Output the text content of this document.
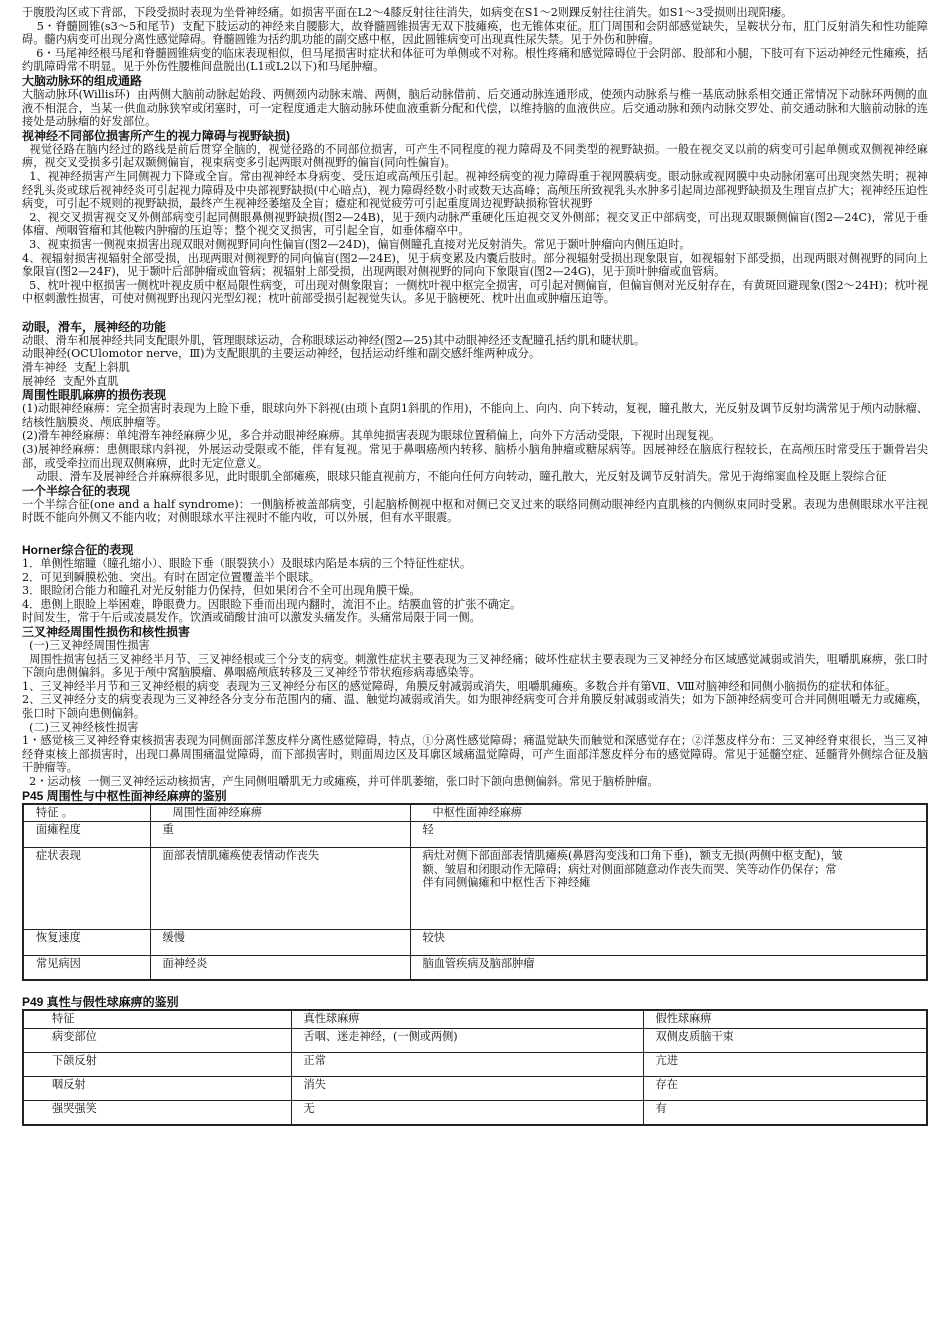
于腹股沟区或下背部，下段受损时表现为坐骨神经痛。如损害平面在L2～4膝反射往往消失，如病变在S1～2则踝反射往往消失。如S1～3受损则出现阳痿。

5・脊髓圆锥(s3～5和尾节)  支配下肢运动的神经来自腰膨大，故脊髓圆锥损害无双下肢瘫痪，也无锥体束征。肛门周围和会阴部感觉缺失，呈鞍状分布，肛门反射消失和性功能障碍。髓内病变可出现分离性感觉障碍。脊髓圆锥为括约肌功能的副交感中枢，因此圆锥病变可出现真性尿失禁。见于外伤和肿瘤。

6・马尾神经根马尾和脊髓圆锥病变的临床表现相似，但马尾损害时症状和体征可为单侧或不对称。根性疼痛和感觉障碍位于会阴部、股部和小腿，下肢可有下运动神经元性瘫痪，括约肌障碍常不明显。见于外伤性腰椎间盘脱出(L1或L2以下)和马尾肿瘤。

大脑动脉环的组成通路

大脑动脉环(Willis环)  由两侧大脑前动脉起始段、两侧颈内动脉末端、两侧，脑后动脉借前、后交通动脉连通形成，使颈内动脉系与椎一基底动脉系相交通正常情况下动脉环两侧的血液不相混合，当某一供血动脉狭窄或闭塞时，可一定程度通走大脑动脉环使血液重新分配和代偿，以维持脑的血液供应。后交通动脉和颈内动脉交罗处、前交通动脉和大脑前动脉的连接处是动脉瘤的好发部位。

视神经不同部位损害所产生的视力障碍与视野缺损)

视觉径路在脑内经过的路线是前后贯穿全脑的，视觉径路的不同部位损害，可产生不同程度的视力障碍及不同类型的视野缺损。一般在视交叉以前的病变可引起单侧或双侧视神经麻痹，视交叉受损多引起双颞侧偏盲，视束病变多引起两眼对侧视野的偏盲(同向性偏盲)。

1、视神经损害产生同侧视力下降或全盲。常由视神经本身病变、受压迫或高颅压引起。视神经病变的视力障碍重于视网膜病变。眼动脉或视网膜中央动脉闭塞可出现突然失明；视神经乳头炎或球后视神经炎可引起视力障碍及中央部视野缺损(中心暗点)，视力障碍经数小时或数天达高峰；高颅压所致视乳头水肿多引起周边部视野缺损及生理盲点扩大；视神经压迫性病变，可引起不规则的视野缺损，最终产生视神经萎缩及全盲；癔症和视觉疲劳可引起重度周边视野缺损称管状视野

2、视交叉损害视交叉外侧部病变引起同侧眼鼻侧视野缺损(图2—24B)，见于颈内动脉严重硬化压迫视交叉外侧部；视交叉正中部病变，可出现双眼颞侧偏盲(图2—24C)，常见于垂体瘤、颅咽管瘤和其他鞍内肿瘤的压迫等；整个视交叉损害，可引起全盲，如垂体瘤卒中。

3、视束损害一侧视束损害出现双眼对侧视野同向性偏盲(图2—24D)，偏盲侧瞳孔直接对光反射消失。常见于颞叶肿瘤向内侧压迫时。

4、视辐射损害视辐射全部受损，出现两眼对侧视野的同向偏盲(图2—24E)，见于病变累及内囊后肢时。部分视辐射受损出现象限盲，如视辐射下部受损，出现两眼对侧视野的同向上象限盲(图2—24F)，见于颞叶后部肿瘤或血管病；视辐射上部受损，出现两眼对侧视野的同向下象限盲(图2—24G)，见于顶叶肿瘤或血管病。

5、枕叶视中枢损害一侧枕叶视皮质中枢局限性病变，可出现对侧象限盲；一侧枕叶视中枢完全损害，可引起对侧偏盲，但偏盲侧对光反射存在，有黄斑回避现象(图2～24H)；枕叶视中枢刺激性损害，可使对侧视野出现闪光型幻视；枕叶前部受损引起视觉失认。多见于脑梗死、枕叶出血或肿瘤压迫等。

动眼，滑车，展神经的功能

动眼、滑车和展神经共同支配眼外肌，管理眼球运动，合称眼球运动神经(图2—25)其中动眼神经还支配瞳孔括约肌和睫状肌。

动眼神经(OCUlomotor nerve，Ⅲ)为支配眼肌的主要运动神经，包括运动纤维和副交感纤维两种成分。

滑车神经  支配上斜肌

展神经  支配外直肌

周围性眼肌麻痹的损伤表现

(1)动眼神经麻痹：完全损害时表现为上睑下垂，眼球向外下斜视(由琐卜直阴1斜肌的作用)，不能向上、向内、向下转动，复视，瞳孔散大，光反射及调节反射均满常见于颅内动脉瘤、结核性脑膜炎、颅底肿瘤等。

(2)滑车神经麻痹：单纯滑车神经麻痹少见，多合并动眼神经麻痹。其单纯损害表现为眼球位置稍偏上，向外下方活动受限，下视时出现复视。

(3)展神经麻痹：患侧眼球内斜视，外展运动受限或不能，伴有复视。常见于鼻咽癌颅内转移、脑桥小脑角肿瘤或糖尿病等。因展神经在脑底行程较长，在高颅压时常受压于颞骨岩尖部，或受牵拉而出现双侧麻痹，此时无定位意义。

动眼、滑车及展神经合并麻痹很多见，此时眼肌全部瘫痪，眼球只能直视前方，不能向任何方向转动，瞳孔散大，光反射及调节反射消失。常见于海绵窦血栓及眶上裂综合征

一个半综合征的表现

一个半综合征(one and a half syndrome)：一侧脑桥被盖部病变，引起脑桥侧视中枢和对侧已交叉过来的联络同侧动眼神经内直肌核的内侧纵束同时受累。表现为患侧眼球水平注视时既不能向外侧又不能内收；对侧眼球水平注视时不能内收，可以外展，但有水平眼震。

Horner综合征的表现

1．单侧性缩瞳（瞳孔缩小）、眼睑下垂（眼裂狭小）及眼球内陷是本病的三个特征性症状。

2．可见到瞬膜松弛、突出。有时在固定位置覆盖半个眼球。

3．眼睑闭合能力和瞳孔对光反射能力仍保持，但如果闭合不全可出现角膜干燥。

4．患侧上眼睑上举困难，睁眼费力。因眼睑下垂而出现内翻时，流泪不止。结膜血管的扩张不确定。

时间发生，常于午后或凌晨发作。饮酒或硝酸甘油可以激发头痛发作。头痛常局限于同一侧。

三叉神经周围性损伤和核性损害

(一)三叉神经周围性损害

周围性损害包括三叉神经半月节、三叉神经根或三个分支的病变。刺激性症状主要表现为三叉神经痛；破坏性症状主要表现为三叉神经分布区域感觉减弱或消失，咀嚼肌麻痹，张口时下颌向患侧偏斜。多见于颅中窝脑膜瘤、鼻咽癌颅底转移及三叉神经节带状疱疹病毒感染等。

1、三叉神经半月节和三叉神经根的病变  表现为三叉神经分布区的感觉障碍，角膜反射减弱或消失，咀嚼肌瘫痪。多数合并有第Ⅶ、Ⅷ对脑神经和同侧小脑损伤的症状和体征。

2、三叉神经分支的病变表现为三叉神经各分支分布范围内的痛、温、触觉均减弱或消失。如为眼神经病变可合并角膜反射减弱或消失；如为下颌神经病变可合并同侧咀嚼无力或瘫痪，张口时下颌向患侧偏斜。

(二)三叉神经核性损害

1・感觉核三叉神经脊束核损害表现为同侧面部洋葱皮样分离性感觉障碍，特点，①分离性感觉障碍；痛温觉缺失而触觉和深感觉存在；②洋葱皮样分布：三叉神经脊束很长，当三叉神经脊束核上部损害时，出现口鼻周围痛温觉障碍，而下部损害时，则面周边区及耳廓区域痛温觉障碍，可产生面部洋葱皮样分布的感觉障碍。常见于延髓空症、延髓背外侧综合征及脑干肿瘤等。

2・运动核  一侧三叉神经运动核损害，产生同侧咀嚼肌无力或瘫痪，并可伴肌萎缩，张口时下颌向患侧偏斜。常见于脑桥肿瘤。

P45 周围性与中枢性面神经麻痹的鉴别

特征 。	周围性面神经麻痹	中枢性面神经麻痹
面瘫程度	重	轻
症状表现	面部表情肌瘫痪使表情动作丧失	病灶对侧下部面部表情肌瘫痪(鼻唇沟变浅和口角下垂)，额支无损(两侧中枢支配)，皱额、皱眉和闭眼动作无障碍；病灶对侧面部随意动作丧失而哭、笑等动作仍保存；常伴有同侧偏瘫和中枢性舌下神经瘫
恢复速度	缓慢	较快
常见病因	面神经炎	脑血管疾病及脑部肿瘤

P49 真性与假性球麻痹的鉴别

特征	真性球麻痹	假性球麻痹
病变部位	舌咽、迷走神经，(一侧或两侧)	双侧皮质脑干束
下颌反射	正常	亢进
咽反射	消失	存在
强哭强笑	无	有
